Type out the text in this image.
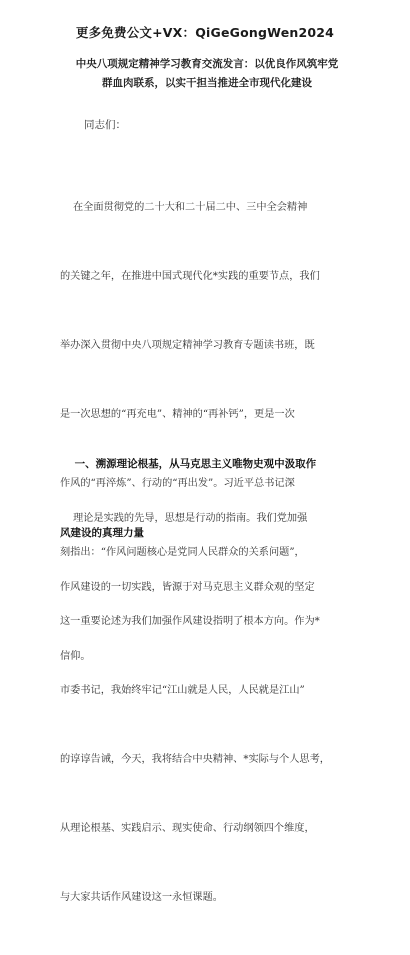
更多免费公文+VX：QiGeGongWen2024
中央八项规定精神学习教育交流发言：以优良作风筑牢党
群血肉联系，以实干担当推进全市现代化建设
同志们：

在全面贯彻党的二十大和二十届二中、三中全会精神

的关键之年，在推进中国式现代化*实践的重要节点，我们

举办深入贯彻中央八项规定精神学习教育专题读书班，既

是一次思想的“再充电”、精神的“再补钙”，更是一次

作风的“再淬炼”、行动的“再出发”。习近平总书记深

刻指出：“作风问题核心是党同人民群众的关系问题”，

这一重要论述为我们加强作风建设指明了根本方向。作为*

市委书记，我始终牢记“江山就是人民，人民就是江山”

的谆谆告诫，今天，我将结合中央精神、*实际与个人思考，

从理论根基、实践启示、现实使命、行动纲领四个维度，

与大家共话作风建设这一永恒课题。

一、溯源理论根基，从马克思主义唯物史观中汲取作

风建设的真理力量

理论是实践的先导，思想是行动的指南。我们党加强

作风建设的一切实践，皆源于对马克思主义群众观的坚定

信仰。
